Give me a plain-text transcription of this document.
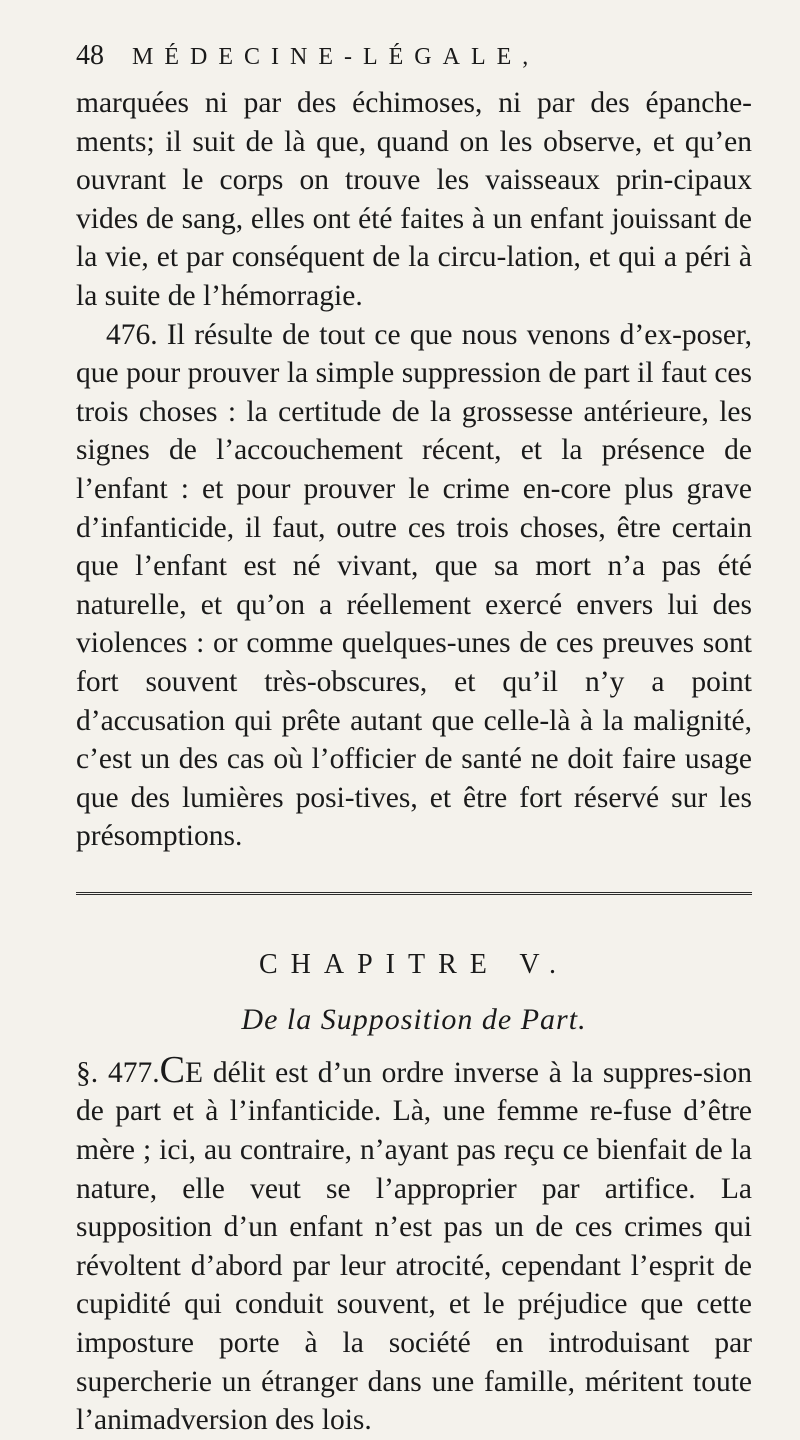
48 MÉDECINE-LÉGALE,

marquées ni par des échimoses, ni par des épanche-ments; il suit de là que, quand on les observe, et qu’en ouvrant le corps on trouve les vaisseaux prin-cipaux vides de sang, elles ont été faites à un enfant jouissant de la vie, et par conséquent de la circu-lation, et qui a péri à la suite de l’hémorragie.

476. Il résulte de tout ce que nous venons d’ex-poser, que pour prouver la simple suppression de part il faut ces trois choses : la certitude de la grossesse antérieure, les signes de l’accouchement récent, et la présence de l’enfant : et pour prouver le crime en-core plus grave d’infanticide, il faut, outre ces trois choses, être certain que l’enfant est né vivant, que sa mort n’a pas été naturelle, et qu’on a réellement exercé envers lui des violences : or comme quelques-unes de ces preuves sont fort souvent très-obscures, et qu’il n’y a point d’accusation qui prête autant que celle-là à la malignité, c’est un des cas où l’officier de santé ne doit faire usage que des lumières posi-tives, et être fort réservé sur les présomptions.

CHAPITRE V.
De la Supposition de Part.

§. 477.CE délit est d’un ordre inverse à la suppres-sion de part et à l’infanticide. Là, une femme re-fuse d’être mère ; ici, au contraire, n’ayant pas reçu ce bienfait de la nature, elle veut se l’approprier par artifice. La supposition d’un enfant n’est pas un de ces crimes qui révoltent d’abord par leur atrocité, cependant l’esprit de cupidité qui conduit souvent, et le préjudice que cette imposture porte à la société en introduisant par supercherie un étranger dans une famille, méritent toute l’animadversion des lois.
